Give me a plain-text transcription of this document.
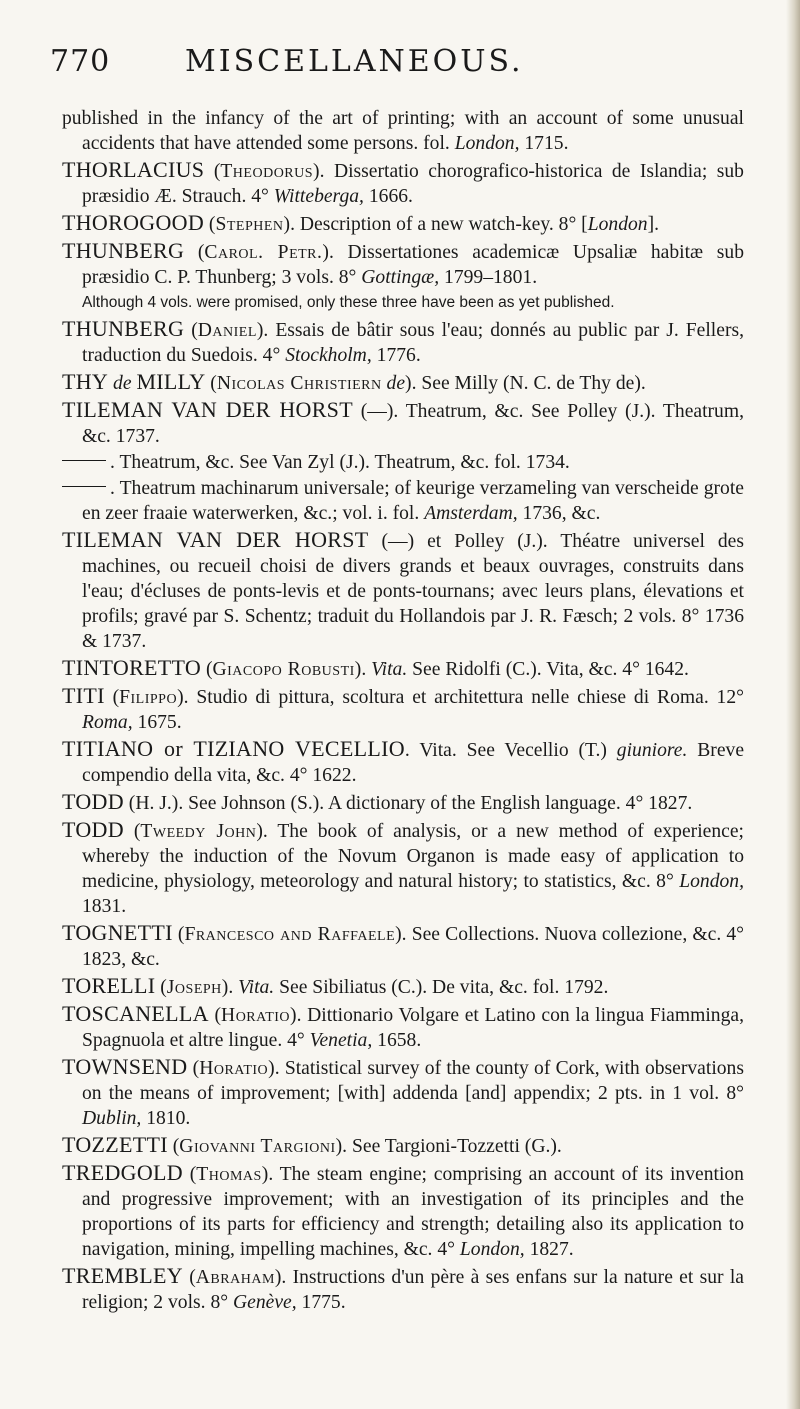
770 MISCELLANEOUS.

published in the infancy of the art of printing; with an account of some unusual accidents that have attended some persons. fol. London, 1715.

THORLACIUS (Theodorus). Dissertatio chorografico-historica de Islandia; sub præsidio Æ. Strauch. 4° Witteberga, 1666.

THOROGOOD (Stephen). Description of a new watch-key. 8° [London].

THUNBERG (Carol. Petr.). Dissertationes academicæ Upsaliæ habitæ sub præsidio C. P. Thunberg; 3 vols. 8° Gottingæ, 1799–1801.
Although 4 vols. were promised, only these three have been as yet published.

THUNBERG (Daniel). Essais de bâtir sous l'eau; donnés au public par J. Fellers, traduction du Suedois. 4° Stockholm, 1776.

THY de MILLY (Nicolas Christiern de). See Milly (N. C. de Thy de).

TILEMAN VAN DER HORST (—). Theatrum, &c. See Polley (J.). Theatrum, &c. 1737.

. Theatrum, &c. See Van Zyl (J.). Theatrum, &c. fol. 1734.

. Theatrum machinarum universale; of keurige verzameling van verscheide grote en zeer fraaie waterwerken, &c.; vol. i. fol. Amsterdam, 1736, &c.

TILEMAN VAN DER HORST (—) et Polley (J.). Théatre universel des machines, ou recueil choisi de divers grands et beaux ouvrages, construits dans l'eau; d'écluses de ponts-levis et de ponts-tournans; avec leurs plans, élevations et profils; gravé par S. Schentz; traduit du Hollandois par J. R. Fæsch; 2 vols. 8° 1736 & 1737.

TINTORETTO (Giacopo Robusti). Vita. See Ridolfi (C.). Vita, &c. 4° 1642.

TITI (Filippo). Studio di pittura, scoltura et architettura nelle chiese di Roma. 12° Roma, 1675.

TITIANO or TIZIANO VECELLIO. Vita. See Vecellio (T.) giuniore. Breve compendio della vita, &c. 4° 1622.

TODD (H. J.). See Johnson (S.). A dictionary of the English language. 4° 1827.

TODD (Tweedy John). The book of analysis, or a new method of experience; whereby the induction of the Novum Organon is made easy of application to medicine, physiology, meteorology and natural history; to statistics, &c. 8° London, 1831.

TOGNETTI (Francesco and Raffaele). See Collections. Nuova collezione, &c. 4° 1823, &c.

TORELLI (Joseph). Vita. See Sibiliatus (C.). De vita, &c. fol. 1792.

TOSCANELLA (Horatio). Dittionario Volgare et Latino con la lingua Fiamminga, Spagnuola et altre lingue. 4° Venetia, 1658.

TOWNSEND (Horatio). Statistical survey of the county of Cork, with observations on the means of improvement; [with] addenda [and] appendix; 2 pts. in 1 vol. 8° Dublin, 1810.

TOZZETTI (Giovanni Targioni). See Targioni-Tozzetti (G.).

TREDGOLD (Thomas). The steam engine; comprising an account of its invention and progressive improvement; with an investigation of its principles and the proportions of its parts for efficiency and strength; detailing also its application to navigation, mining, impelling machines, &c. 4° London, 1827.

TREMBLEY (Abraham). Instructions d'un père à ses enfans sur la nature et sur la religion; 2 vols. 8° Genève, 1775.
